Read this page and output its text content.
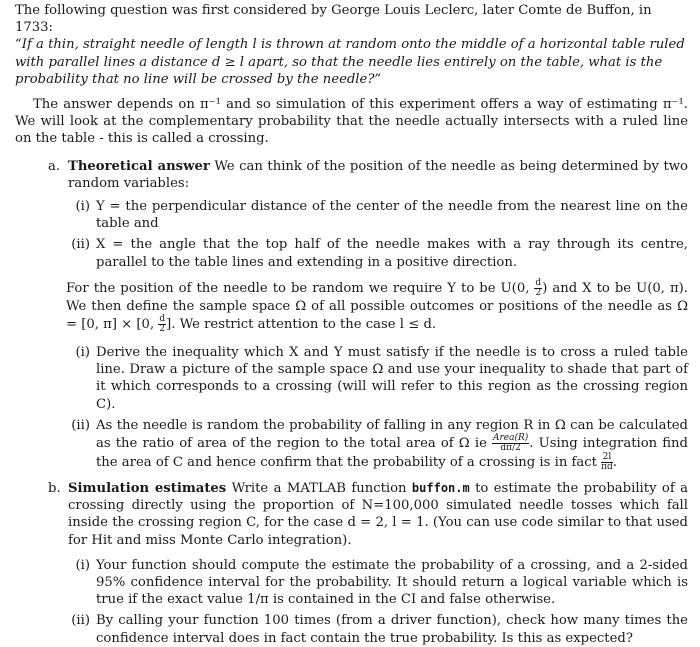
The following question was first considered by George Louis Leclerc, later Comte de Buffon, in 1733:

“If a thin, straight needle of length l is thrown at random onto the middle of a horizontal table ruled with parallel lines a distance d ≥ l apart, so that the needle lies entirely on the table, what is the probability that no line will be crossed by the needle?”

The answer depends on π⁻¹ and so simulation of this experiment offers a way of estimating π⁻¹. We will look at the complementary probability that the needle actually intersects with a ruled line on the table - this is called a crossing.

a. Theoretical answer We can think of the position of the needle as being determined by two random variables:
(i) Y = the perpendicular distance of the center of the needle from the nearest line on the table and
(ii) X = the angle that the top half of the needle makes with a ray through its centre, parallel to the table lines and extending in a positive direction.

For the position of the needle to be random we require Y to be U(0, $\frac{d}{2}$ ) and X to be U(0, π). We then define the sample space Ω of all possible outcomes or positions of the needle as Ω = [0, π] × [0, $\frac{d}{2}$ ]. We restrict attention to the case l ≤ d.

(i) Derive the inequality which X and Y must satisfy if the needle is to cross a ruled table line. Draw a picture of the sample space Ω and use your inequality to shade that part of it which corresponds to a crossing (will will refer to this region as the crossing region C).
(ii) As the needle is random the probability of falling in any region R in Ω can be calculated as the ratio of area of the region to the total area of Ω ie $\frac{\text{Area(R)}}{d\pi/2}$ . Using integration find the area of C and hence confirm that the probability of a crossing is in fact $\frac{2l}{\pi d}$ .
b. Simulation estimates Write a MATLAB function buffon.m to estimate the probability of a crossing directly using the proportion of N=100,000 simulated needle tosses which fall inside the crossing region C, for the case d = 2, l = 1. (You can use code similar to that used for Hit and miss Monte Carlo integration).
(i) Your function should compute the estimate the probability of a crossing, and a 2-sided 95% confidence interval for the probability. It should return a logical variable which is true if the exact value 1/π is contained in the CI and false otherwise.
(ii) By calling your function 100 times (from a driver function), check how many times the confidence interval does in fact contain the true probability. Is this as expected?
